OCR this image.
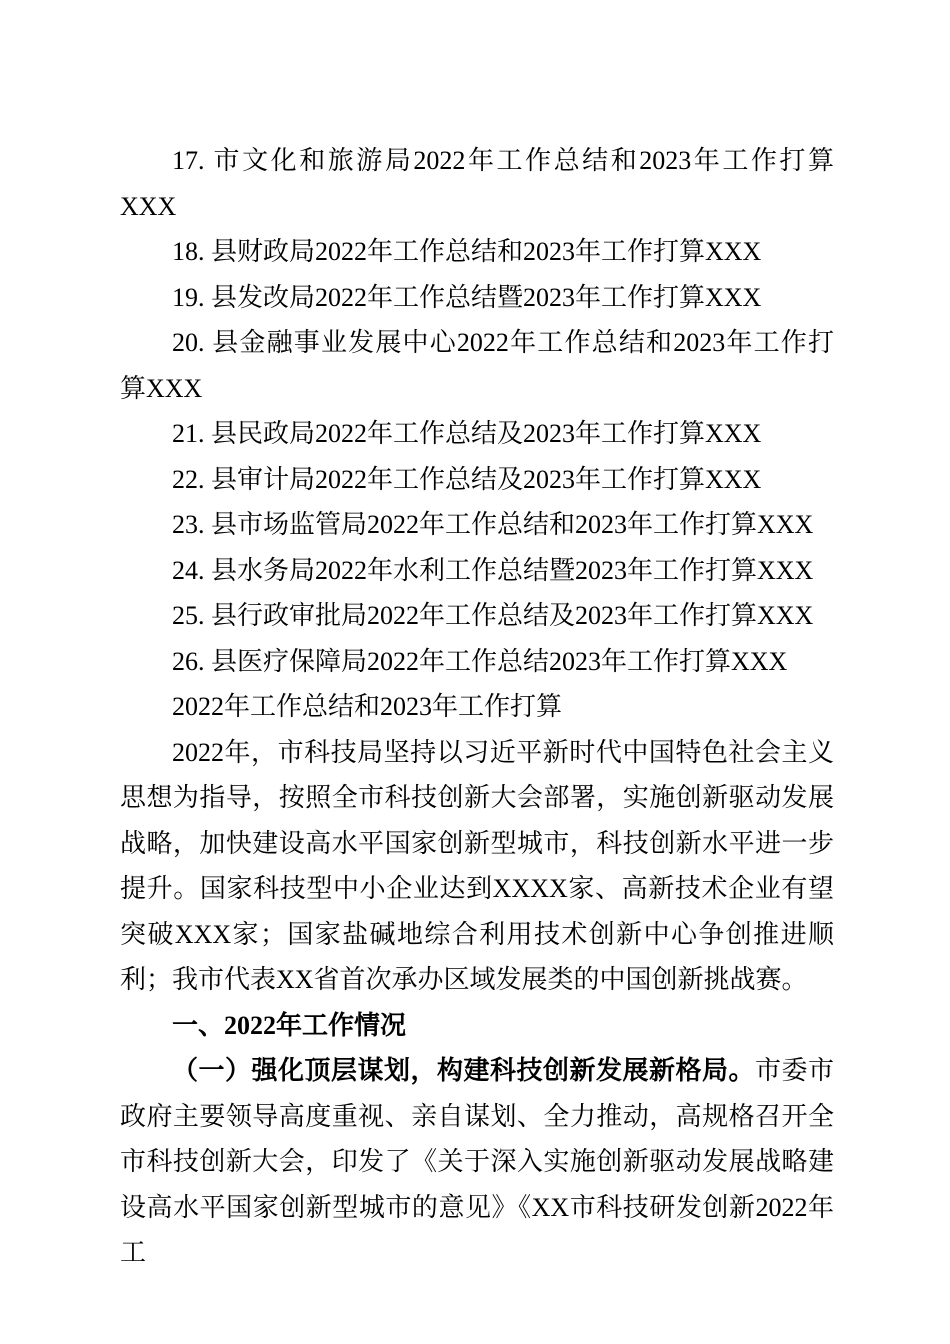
17. 市文化和旅游局2022年工作总结和2023年工作打算XXX

18. 县财政局2022年工作总结和2023年工作打算XXX

19. 县发改局2022年工作总结暨2023年工作打算XXX

20. 县金融事业发展中心2022年工作总结和2023年工作打算XXX

21. 县民政局2022年工作总结及2023年工作打算XXX

22. 县审计局2022年工作总结及2023年工作打算XXX

23. 县市场监管局2022年工作总结和2023年工作打算XXX

24. 县水务局2022年水利工作总结暨2023年工作打算XXX

25. 县行政审批局2022年工作总结及2023年工作打算XXX

26. 县医疗保障局2022年工作总结2023年工作打算XXX

2022年工作总结和2023年工作打算

2022年，市科技局坚持以习近平新时代中国特色社会主义思想为指导，按照全市科技创新大会部署，实施创新驱动发展战略，加快建设高水平国家创新型城市，科技创新水平进一步提升。国家科技型中小企业达到XXXX家、高新技术企业有望突破XXX家；国家盐碱地综合利用技术创新中心争创推进顺利；我市代表XX省首次承办区域发展类的中国创新挑战赛。

一、2022年工作情况

（一）强化顶层谋划，构建科技创新发展新格局。市委市政府主要领导高度重视、亲自谋划、全力推动，高规格召开全市科技创新大会，印发了《关于深入实施创新驱动发展战略建设高水平国家创新型城市的意见》《XX市科技研发创新2022年工
